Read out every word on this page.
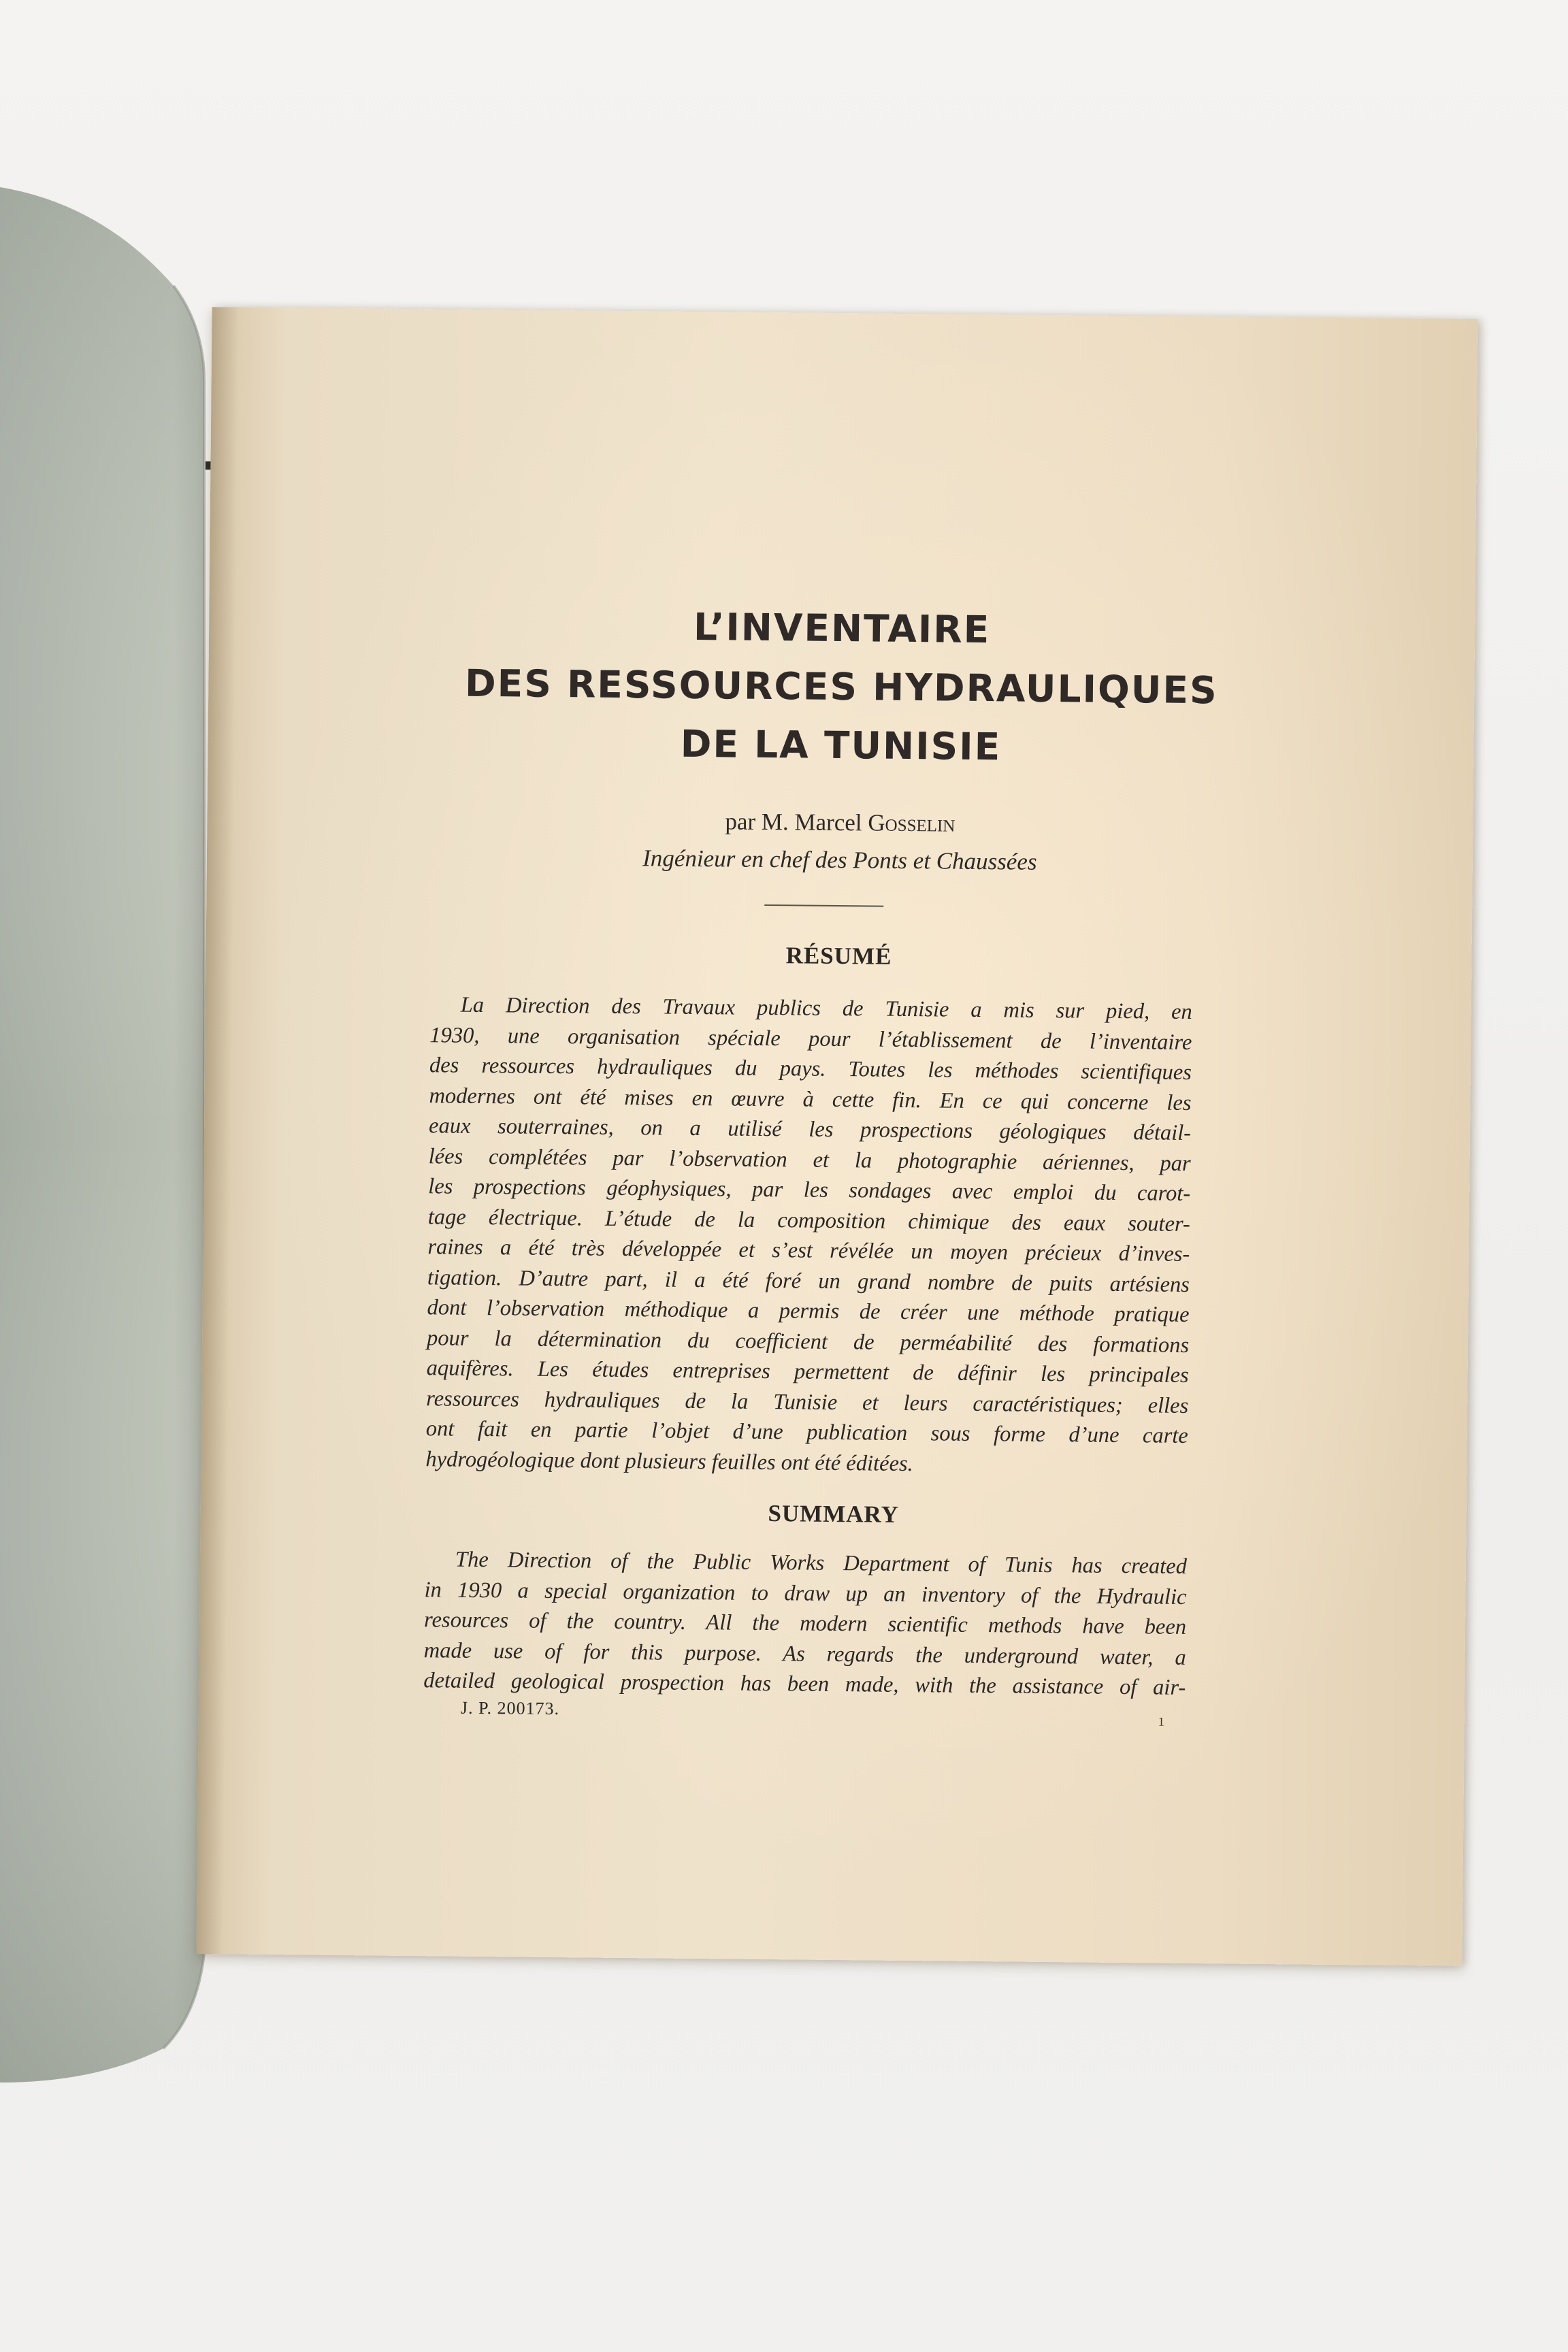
L’INVENTAIRE
DES RESSOURCES HYDRAULIQUES
DE LA TUNISIE
par M. Marcel Gosselin
Ingénieur en chef des Ponts et Chaussées
RÉSUMÉ
La Direction des Travaux publics de Tunisie a mis sur pied, en
1930, une organisation spéciale pour l’établissement de l’inventaire
des ressources hydrauliques du pays. Toutes les méthodes scientifiques
modernes ont été mises en œuvre à cette fin. En ce qui concerne les
eaux souterraines, on a utilisé les prospections géologiques détail-
lées complétées par l’observation et la photographie aériennes, par
les prospections géophysiques, par les sondages avec emploi du carot-
tage électrique. L’étude de la composition chimique des eaux souter-
raines a été très développée et s’est révélée un moyen précieux d’inves-
tigation. D’autre part, il a été foré un grand nombre de puits artésiens
dont l’observation méthodique a permis de créer une méthode pratique
pour la détermination du coefficient de perméabilité des formations
aquifères. Les études entreprises permettent de définir les principales
ressources hydrauliques de la Tunisie et leurs caractéristiques; elles
ont fait en partie l’objet d’une publication sous forme d’une carte
hydrogéologique dont plusieurs feuilles ont été éditées.
SUMMARY
The Direction of the Public Works Department of Tunis has created
in 1930 a special organization to draw up an inventory of the Hydraulic
resources of the country. All the modern scientific methods have been
made use of for this purpose. As regards the underground water, a
detailed geological prospection has been made, with the assistance of air-
J. P. 200173.
1
